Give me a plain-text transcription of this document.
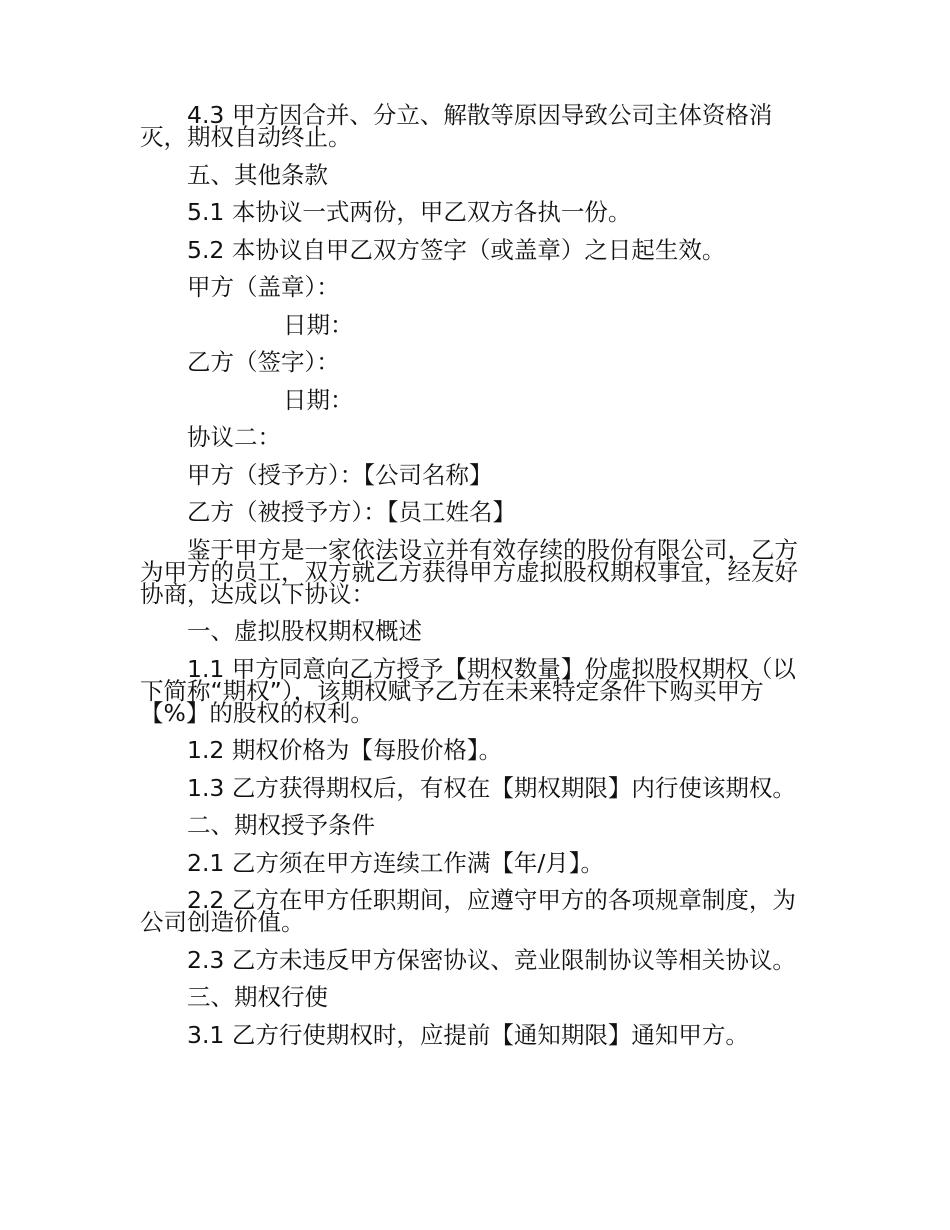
4.3 甲方因合并、分立、解散等原因导致公司主体资格消灭，期权自动终止。

五、其他条款

5.1 本协议一式两份，甲乙双方各执一份。

5.2 本协议自甲乙双方签字（或盖章）之日起生效。

甲方（盖章）：

日期：

乙方（签字）：

日期：

协议二：

甲方（授予方）：【公司名称】

乙方（被授予方）：【员工姓名】

鉴于甲方是一家依法设立并有效存续的股份有限公司，乙方为甲方的员工，双方就乙方获得甲方虚拟股权期权事宜，经友好协商，达成以下协议：

一、虚拟股权期权概述

1.1 甲方同意向乙方授予【期权数量】份虚拟股权期权（以下简称“期权”），该期权赋予乙方在未来特定条件下购买甲方【%】的股权的权利。

1.2 期权价格为【每股价格】。

1.3 乙方获得期权后，有权在【期权期限】内行使该期权。

二、期权授予条件

2.1 乙方须在甲方连续工作满【年/月】。

2.2 乙方在甲方任职期间，应遵守甲方的各项规章制度，为公司创造价值。

2.3 乙方未违反甲方保密协议、竞业限制协议等相关协议。

三、期权行使

3.1 乙方行使期权时，应提前【通知期限】通知甲方。
